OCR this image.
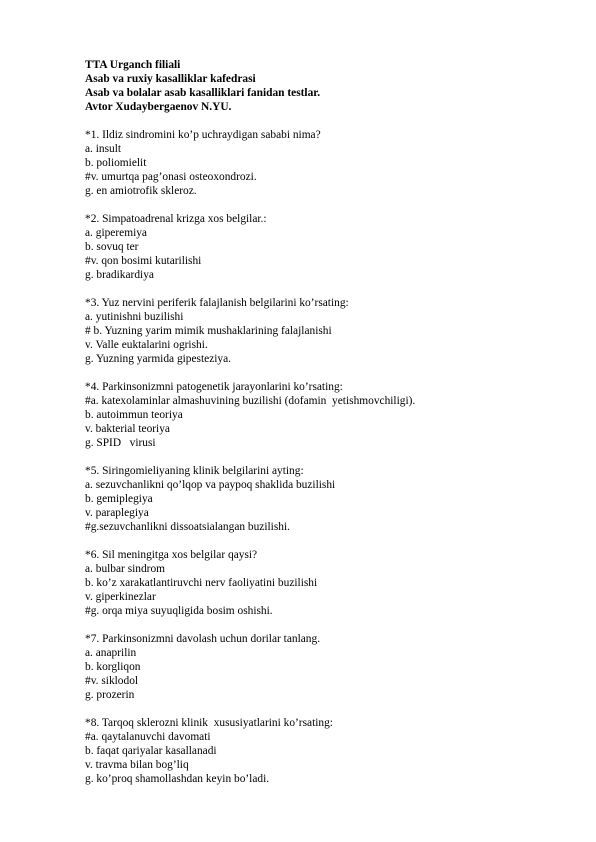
TTA Urganch filiali
Asab va ruxiy kasalliklar kafedrasi
Asab va bolalar asab kasalliklari fanidan testlar.
Avtor Xudaybergaenov N.YU.
*1. Ildiz sindromini ko’p uchraydigan sababi nima?
a. insult
b. poliomielit
#v. umurtqa pag’onasi osteoxondrozi.
g. en amiotrofik skleroz.
*2. Simpatoadrenal krizga xos belgilar.:
a. giperemiya
b. sovuq ter
#v. qon bosimi kutarilishi
g. bradikardiya
*3. Yuz nervini periferik falajlanish belgilarini ko’rsating:
a. yutinishni buzilishi
# b. Yuzning yarim mimik mushaklarining falajlanishi
v. Valle euktalarini ogrishi.
g. Yuzning yarmida gipesteziya.
*4. Parkinsonizmni patogenetik jarayonlarini ko’rsating:
#a. katexolaminlar almashuvining buzilishi (dofamin  yetishmovchiligi).
b. autoimmun teoriya
v. bakterial teoriya
g. SPID   virusi
*5. Siringomieliyaning klinik belgilarini ayting:
a. sezuvchanlikni qo’lqop va paypoq shaklida buzilishi
b. gemiplegiya
v. paraplegiya
#g.sezuvchanlikni dissoatsialangan buzilishi.
*6. Sil meningitga xos belgilar qaysi?
a. bulbar sindrom
b. ko’z xarakatlantiruvchi nerv faoliyatini buzilishi
v. giperkinezlar
#g. orqa miya suyuqligida bosim oshishi.
*7. Parkinsonizmni davolash uchun dorilar tanlang.
a. anaprilin
b. korgliqon
#v. siklodol
g. prozerin
*8. Tarqoq sklerozni klinik  xususiyatlarini ko’rsating:
#a. qaytalanuvchi davomati
b. faqat qariyalar kasallanadi
v. travma bilan bog’liq
g. ko’proq shamollashdan keyin bo’ladi.
